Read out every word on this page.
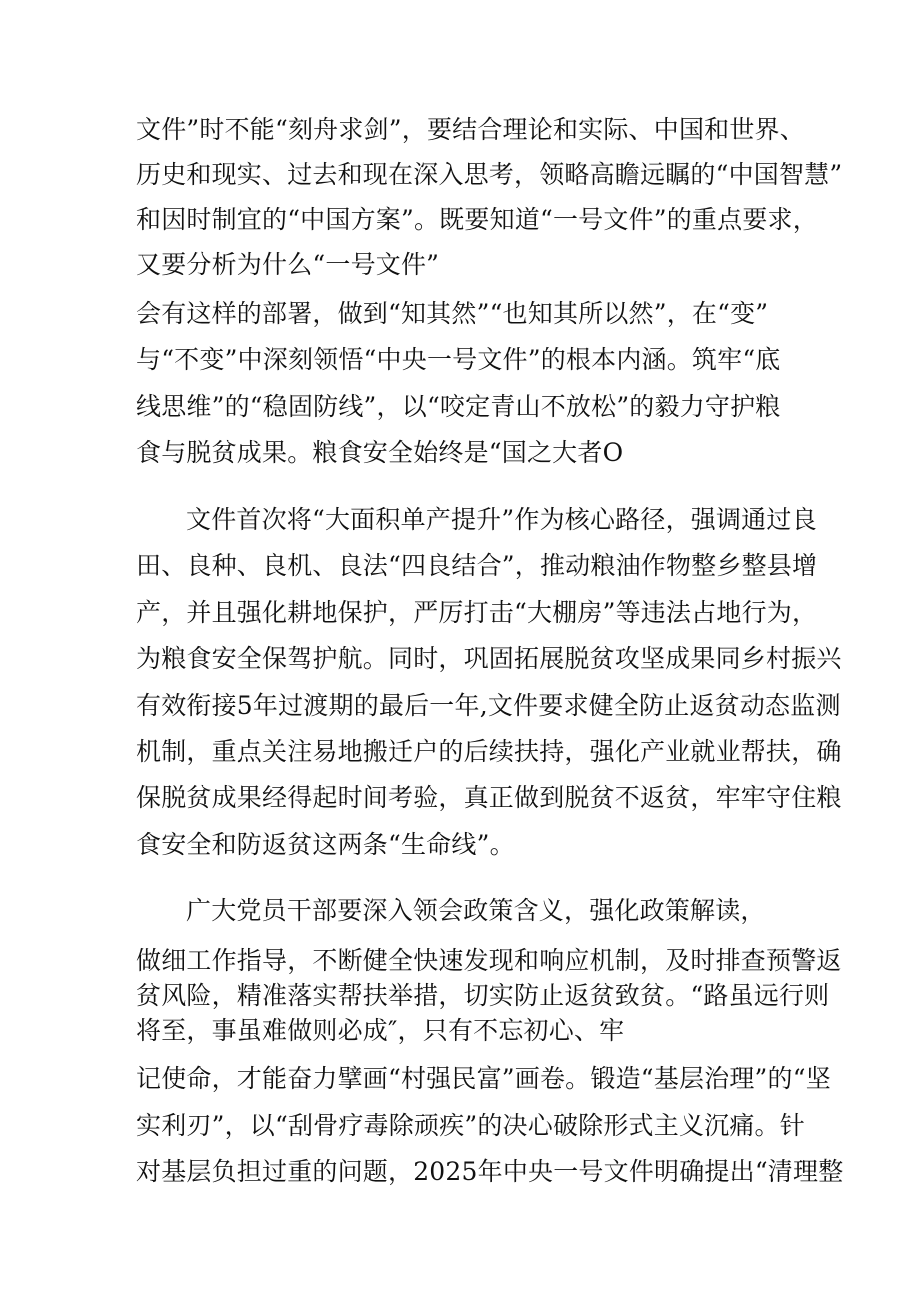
文件”时不能“刻舟求剑”，要结合理论和实际、中国和世界、
历史和现实、过去和现在深入思考，领略高瞻远瞩的“中国智慧”
和因时制宜的“中国方案”。既要知道“一号文件”的重点要求，
又要分析为什么“一号文件”
会有这样的部署，做到“知其然”“也知其所以然”，在“变”
与“不变”中深刻领悟“中央一号文件”的根本内涵。筑牢“底
线思维”的“稳固防线”，以“咬定青山不放松”的毅力守护粮
食与脱贫成果。粮食安全始终是“国之大者O
文件首次将“大面积单产提升”作为核心路径，强调通过良
田、良种、良机、良法“四良结合”，推动粮油作物整乡整县增
产，并且强化耕地保护，严厉打击“大棚房”等违法占地行为，
为粮食安全保驾护航。同时，巩固拓展脱贫攻坚成果同乡村振兴
有效衔接5年过渡期的最后一年,文件要求健全防止返贫动态监测
机制，重点关注易地搬迁户的后续扶持，强化产业就业帮扶，确
保脱贫成果经得起时间考验，真正做到脱贫不返贫，牢牢守住粮
食安全和防返贫这两条“生命线”。
广大党员干部要深入领会政策含义，强化政策解读，
做细工作指导，不断健全快速发现和响应机制，及时排查预警返
贫风险，精准落实帮扶举措，切实防止返贫致贫。“路虽远行则
将至，事虽难做则必成″，只有不忘初心、牢
记使命，才能奋力擘画“村强民富”画卷。锻造“基层治理”的“坚
实利刃”，以“刮骨疗毒除顽疾”的决心破除形式主义沉痛。针
对基层负担过重的问题，2025年中央一号文件明确提出“清理整
